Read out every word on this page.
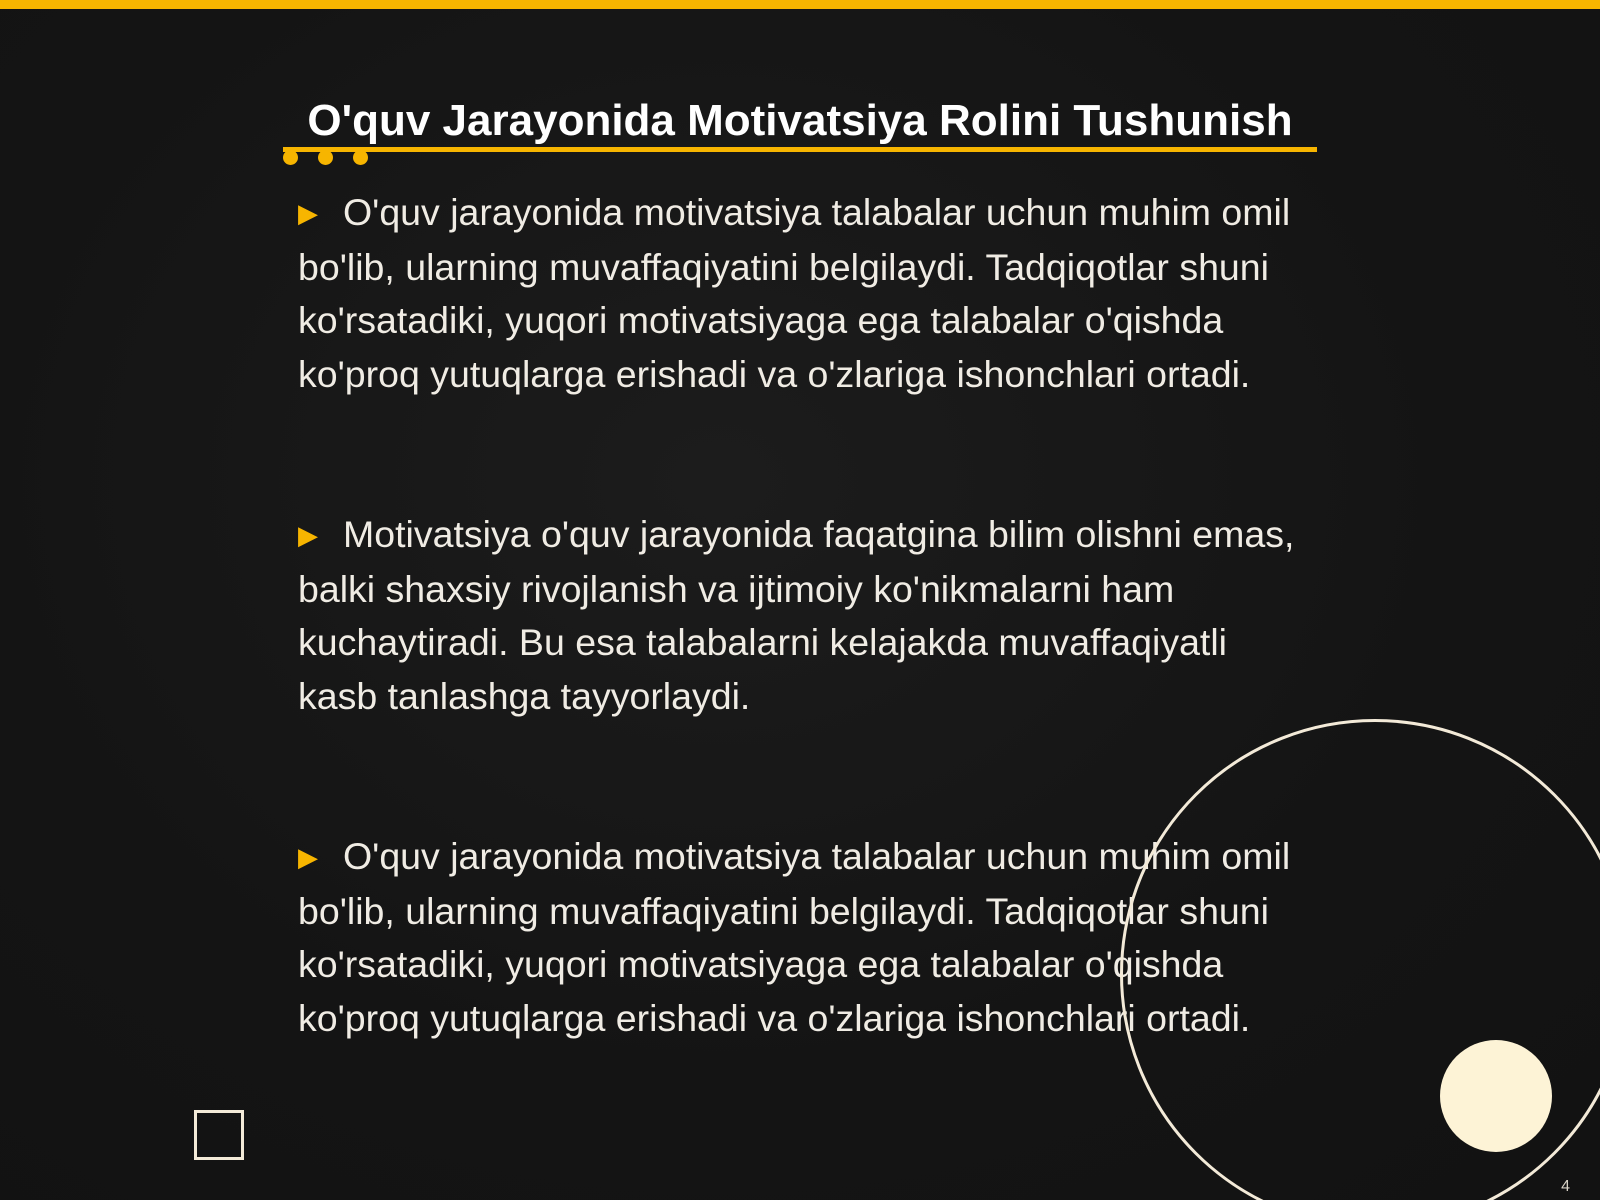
O'quv Jarayonida Motivatsiya Rolini Tushunish
▶ O'quv jarayonida motivatsiya talabalar uchun muhim omil bo'lib, ularning muvaffaqiyatini belgilaydi. Tadqiqotlar shuni ko'rsatadiki, yuqori motivatsiyaga ega talabalar o'qishda ko'proq yutuqlarga erishadi va o'zlariga ishonchlari ortadi.
▶ Motivatsiya o'quv jarayonida faqatgina bilim olishni emas, balki shaxsiy rivojlanish va ijtimoiy ko'nikmalarni ham kuchaytiradi. Bu esa talabalarni kelajakda muvaffaqiyatli kasb tanlashga tayyorlaydi.
▶ O'quv jarayonida motivatsiya talabalar uchun muhim omil bo'lib, ularning muvaffaqiyatini belgilaydi. Tadqiqotlar shuni ko'rsatadiki, yuqori motivatsiyaga ega talabalar o'qishda ko'proq yutuqlarga erishadi va o'zlariga ishonchlari ortadi.
4
